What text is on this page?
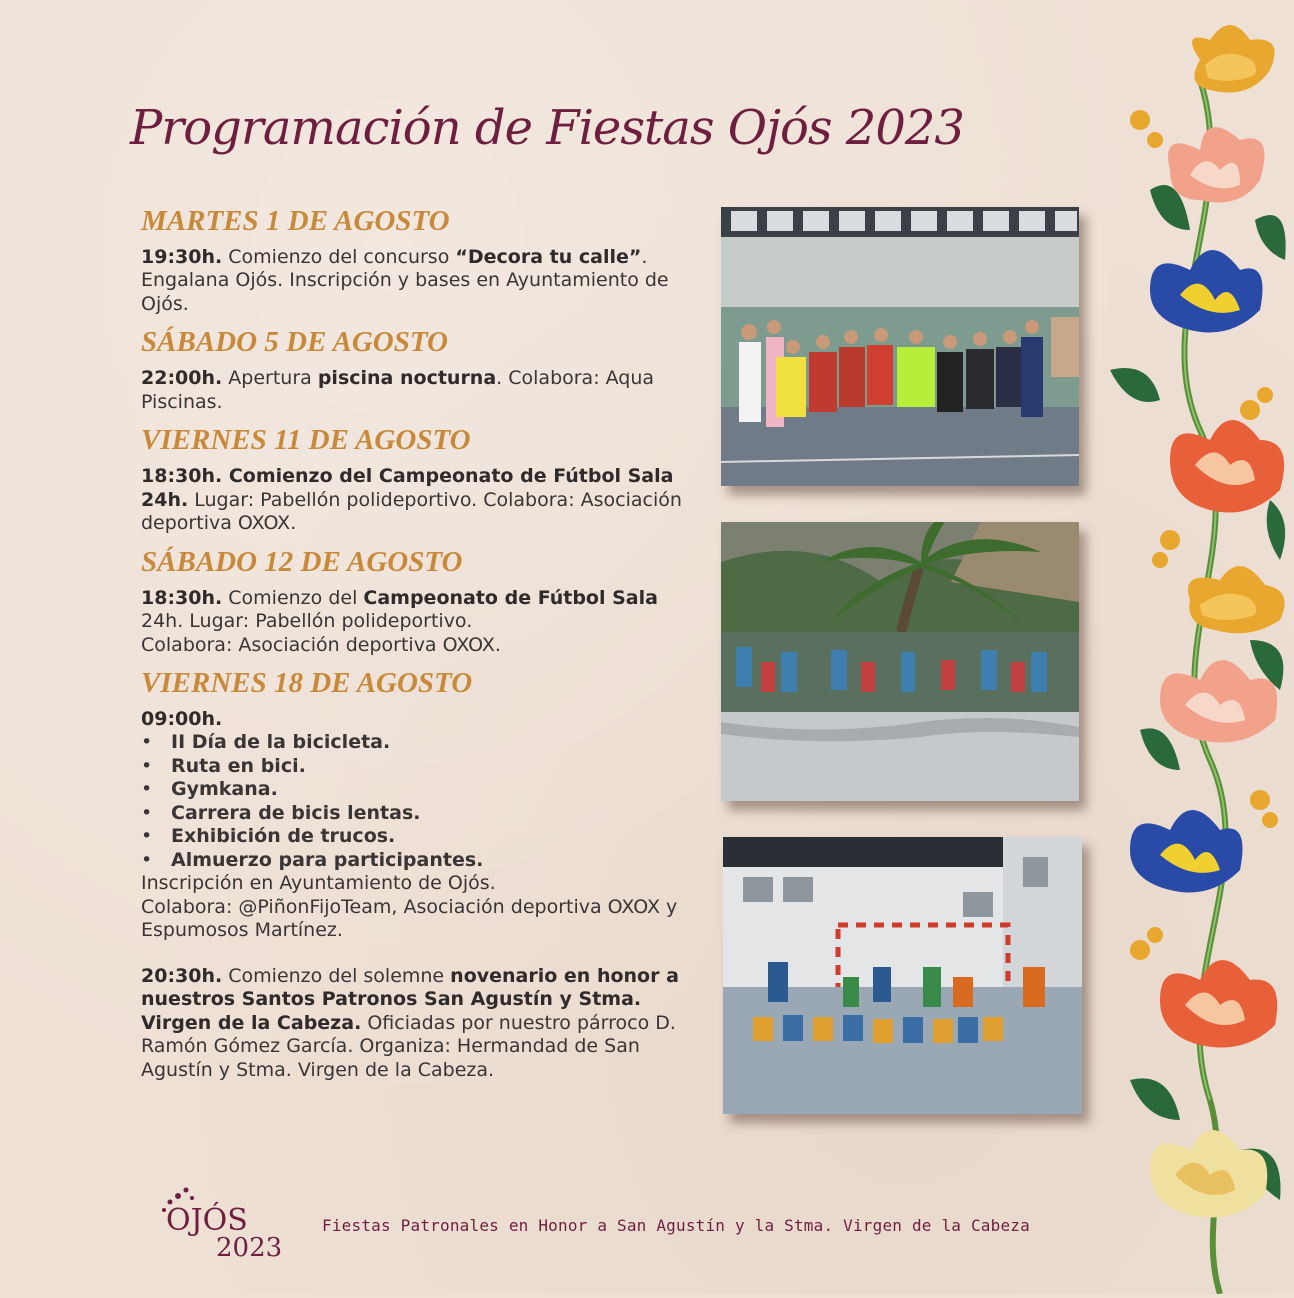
Programación de Fiestas Ojós 2023
MARTES 1 DE AGOSTO

19:30h. Comienzo del concurso “Decora tu calle”. Engalana Ojós. Inscripción y bases en Ayuntamiento de Ojós.

SÁBADO 5 DE AGOSTO

22:00h. Apertura piscina nocturna. Colabora: Aqua Piscinas.

VIERNES 11 DE AGOSTO

18:30h. Comienzo del Campeonato de Fútbol Sala 24h. Lugar: Pabellón polideportivo. Colabora: Asociación deportiva OXOX.

SÁBADO 12 DE AGOSTO

18:30h. Comienzo del Campeonato de Fútbol Sala
24h. Lugar: Pabellón polideportivo.
Colabora: Asociación deportiva OXOX.

VIERNES 18 DE AGOSTO
09:00h.
• II Día de la bicicleta.
• Ruta en bici.
• Gymkana.
• Carrera de bicis lentas.
• Exhibición de trucos.
• Almuerzo para participantes.
Inscripción en Ayuntamiento de Ojós.
Colabora: @PiñonFijoTeam, Asociación deportiva OXOX y Espumosos Martínez.
20:30h. Comienzo del solemne novenario en honor a nuestros Santos Patronos San Agustín y Stma. Virgen de la Cabeza. Oficiadas por nuestro párroco D. Ramón Gómez García. Organiza: Hermandad de San Agustín y Stma. Virgen de la Cabeza.
OJÓS
2023
Fiestas Patronales en Honor a San Agustín y la Stma. Virgen de la Cabeza
